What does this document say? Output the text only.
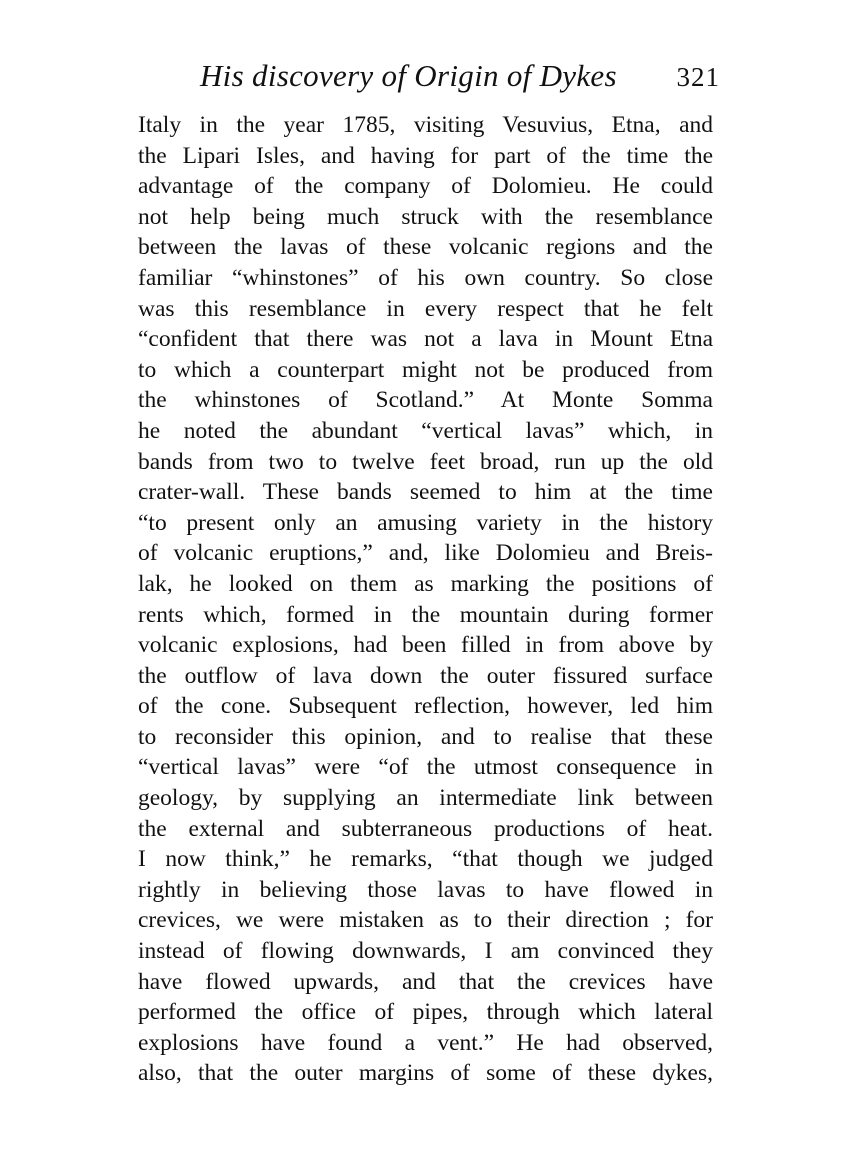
His discovery of Origin of Dykes 321
Italy in the year 1785, visiting Vesuvius, Etna, and
the Lipari Isles, and having for part of the time the
advantage of the company of Dolomieu. He could
not help being much struck with the resemblance
between the lavas of these volcanic regions and the
familiar “whinstones” of his own country. So close
was this resemblance in every respect that he felt
“confident that there was not a lava in Mount Etna
to which a counterpart might not be produced from
the whinstones of Scotland.” At Monte Somma
he noted the abundant “vertical lavas” which, in
bands from two to twelve feet broad, run up the old
crater-wall. These bands seemed to him at the time
“to present only an amusing variety in the history
of volcanic eruptions,” and, like Dolomieu and Breis-
lak, he looked on them as marking the positions of
rents which, formed in the mountain during former
volcanic explosions, had been filled in from above by
the outflow of lava down the outer fissured surface
of the cone. Subsequent reflection, however, led him
to reconsider this opinion, and to realise that these
“vertical lavas” were “of the utmost consequence in
geology, by supplying an intermediate link between
the external and subterraneous productions of heat.
I now think,” he remarks, “that though we judged
rightly in believing those lavas to have flowed in
crevices, we were mistaken as to their direction ; for
instead of flowing downwards, I am convinced they
have flowed upwards, and that the crevices have
performed the office of pipes, through which lateral
explosions have found a vent.” He had observed,
also, that the outer margins of some of these dykes,
